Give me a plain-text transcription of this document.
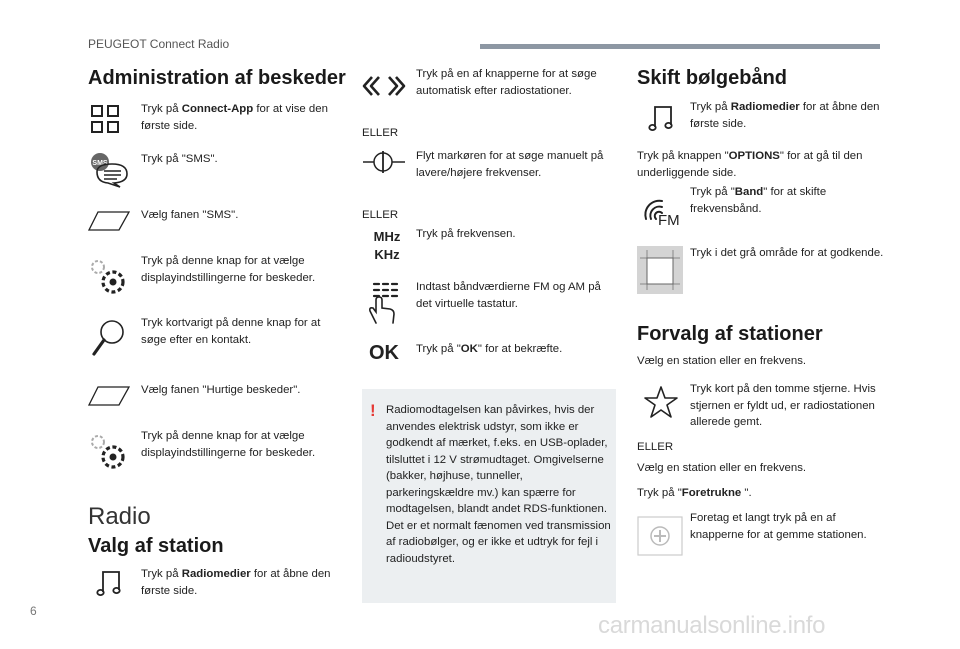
PEUGEOT Connect Radio
Administration af beskeder
Tryk på Connect-App for at vise den første side.
SMS	Tryk på "SMS".
Vælg fanen "SMS".
Tryk på denne knap for at vælge displayindstillingerne for beskeder.
Tryk kortvarigt på denne knap for at søge efter en kontakt.
Vælg fanen "Hurtige beskeder".
Tryk på denne knap for at vælge displayindstillingerne for beskeder.
Radio
Valg af station
Tryk på Radiomedier for at åbne den første side.
Tryk på en af knapperne for at søge automatisk efter radiostationer.
ELLER
Flyt markøren for at søge manuelt på lavere/højere frekvenser.
ELLER
MHz
KHz
Tryk på frekvensen.
Indtast båndværdierne FM og AM på det virtuelle tastatur.
OK Tryk på "OK" for at bekræfte.
! Radiomodtagelsen kan påvirkes, hvis der anvendes elektrisk udstyr, som ikke er godkendt af mærket, f.eks. en USB-oplader, tilsluttet i 12 V strømudtaget. Omgivelserne (bakker, højhuse, tunneller, parkeringskældre mv.) kan spærre for modtagelsen, blandt andet RDS-funktionen. Det er et normalt fænomen ved transmission af radiobølger, og er ikke et udtryk for fejl i radioudstyret.
Skift bølgebånd
Tryk på Radiomedier for at åbne den første side.
Tryk på knappen "OPTIONS" for at gå til den underliggende side.
FM
Tryk på "Band" for at skifte frekvensbånd.
Tryk i det grå område for at godkende.
Forvalg af stationer
Vælg en station eller en frekvens.
Tryk kort på den tomme stjerne. Hvis stjernen er fyldt ud, er radiostationen allerede gemt.
ELLER
Vælg en station eller en frekvens.
Tryk på "Foretrukne ".
Foretag et langt tryk på en af knapperne for at gemme stationen.
6
carmanualsonline.info
